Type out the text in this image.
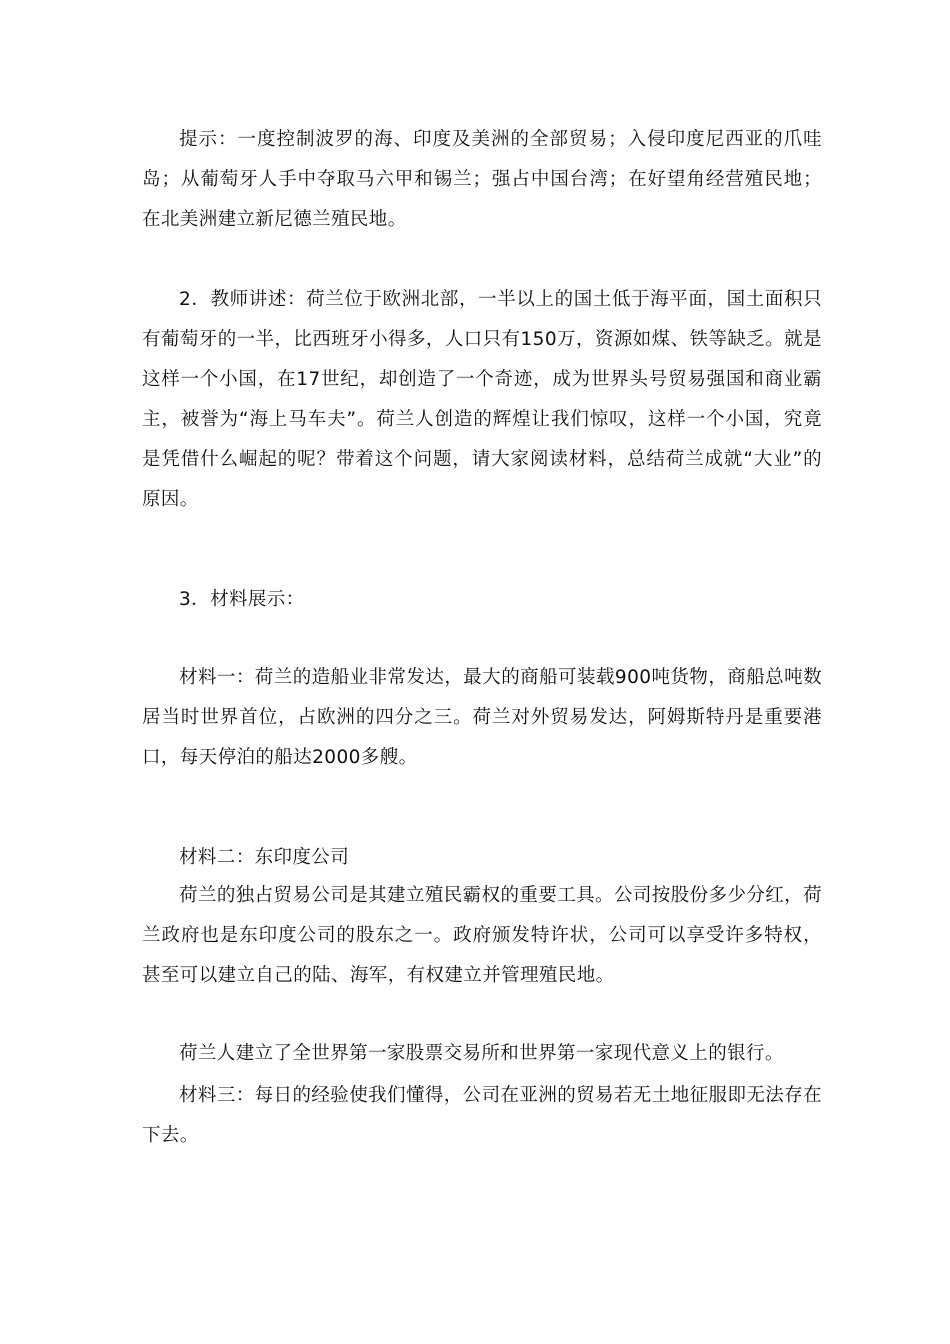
提示：一度控制波罗的海、印度及美洲的全部贸易；入侵印度尼西亚的爪哇岛；从葡萄牙人手中夺取马六甲和锡兰；强占中国台湾；在好望角经营殖民地；在北美洲建立新尼德兰殖民地。

2．教师讲述：荷兰位于欧洲北部，一半以上的国土低于海平面，国土面积只有葡萄牙的一半，比西班牙小得多，人口只有150万，资源如煤、铁等缺乏。就是这样一个小国，在17世纪，却创造了一个奇迹，成为世界头号贸易强国和商业霸主，被誉为“海上马车夫”。荷兰人创造的辉煌让我们惊叹，这样一个小国，究竟是凭借什么崛起的呢？带着这个问题，请大家阅读材料，总结荷兰成就“大业”的原因。

3．材料展示：

材料一：荷兰的造船业非常发达，最大的商船可装载900吨货物，商船总吨数居当时世界首位，占欧洲的四分之三。荷兰对外贸易发达，阿姆斯特丹是重要港口，每天停泊的船达2000多艘。

材料二：东印度公司

荷兰的独占贸易公司是其建立殖民霸权的重要工具。公司按股份多少分红，荷兰政府也是东印度公司的股东之一。政府颁发特许状，公司可以享受许多特权，甚至可以建立自己的陆、海军，有权建立并管理殖民地。

荷兰人建立了全世界第一家股票交易所和世界第一家现代意义上的银行。

材料三：每日的经验使我们懂得，公司在亚洲的贸易若无土地征服即无法存在下去。
